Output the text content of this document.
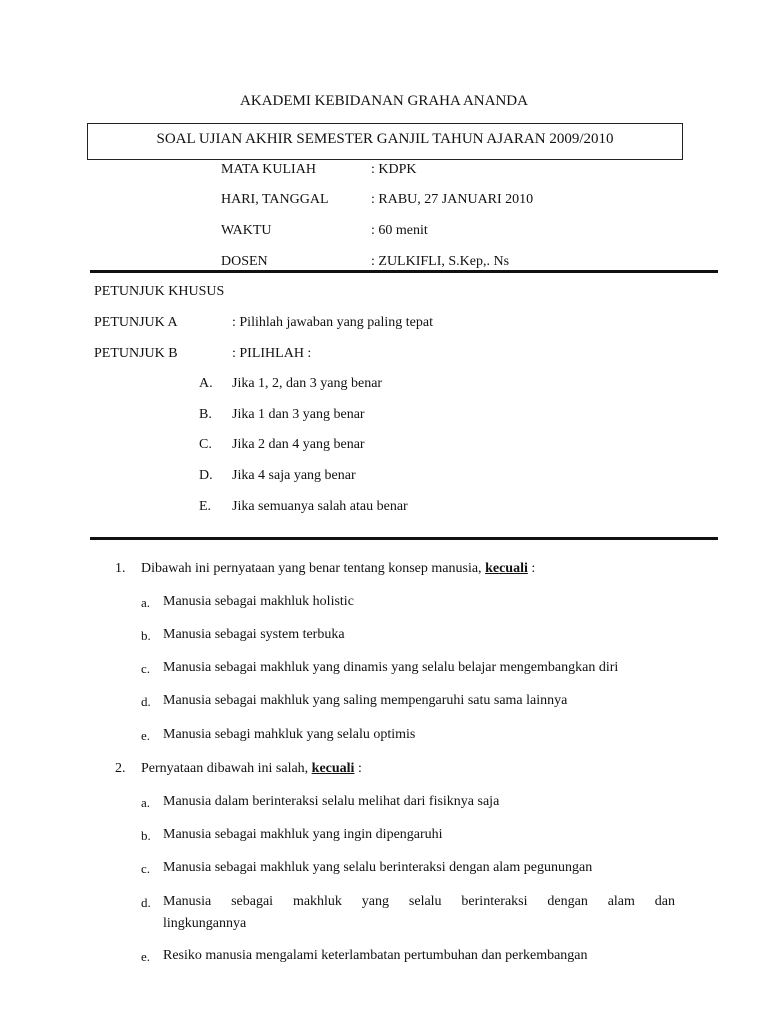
AKADEMI KEBIDANAN GRAHA ANANDA
SOAL UJIAN AKHIR SEMESTER GANJIL TAHUN AJARAN 2009/2010
MATA KULIAH	: KDPK
HARI, TANGGAL	: RABU, 27 JANUARI 2010
WAKTU	: 60 menit
DOSEN	: ZULKIFLI, S.Kep,. Ns
PETUNJUK KHUSUS
PETUNJUK A	: Pilihlah jawaban yang paling tepat
PETUNJUK B	: PILIHLAH :
A. Jika 1, 2, dan 3 yang benar
B. Jika 1 dan 3 yang benar
C. Jika 2 dan 4 yang benar
D. Jika 4 saja yang benar
E. Jika semuanya salah atau benar
1. Dibawah ini pernyataan yang benar tentang konsep manusia, kecuali :
a. Manusia sebagai makhluk holistic
b. Manusia sebagai system terbuka
c. Manusia sebagai makhluk yang dinamis yang selalu belajar mengembangkan diri
d. Manusia sebagai makhluk yang saling mempengaruhi satu sama lainnya
e. Manusia sebagi mahkluk yang selalu optimis
2. Pernyataan dibawah ini salah, kecuali :
a. Manusia dalam berinteraksi selalu melihat dari fisiknya saja
b. Manusia sebagai makhluk yang ingin dipengaruhi
c. Manusia sebagai makhluk yang selalu berinteraksi dengan alam pegunungan
d. Manusia sebagai makhluk yang selalu berinteraksi dengan alam dan
lingkungannya
e. Resiko manusia mengalami keterlambatan pertumbuhan dan perkembangan
